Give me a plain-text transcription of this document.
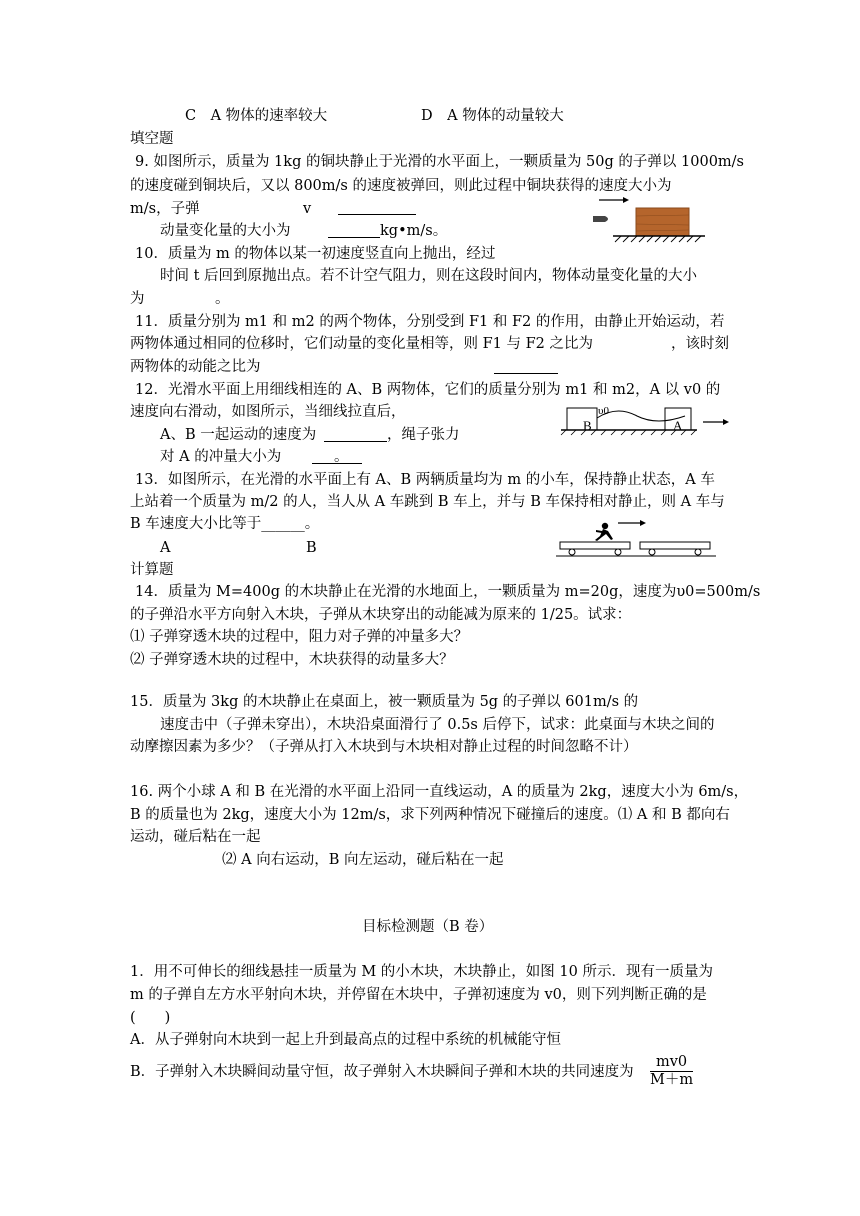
C　A 物体的速率较大	D　A 物体的动量较大
填空题
9. 如图所示，质量为 1kg 的铜块静止于光滑的水平面上，一颗质量为 50g 的子弹以 1000m/s
的速度碰到铜块后，又以 800m/s 的速度被弹回，则此过程中铜块获得的速度大小为
m/s，子弹	v
动量变化量的大小为	kg•m/s。
10．质量为 m 的物体以某一初速度竖直向上抛出，经过
时间 t 后回到原抛出点。若不计空气阻力，则在这段时间内，物体动量变化量的大小
为	。
11．质量分别为 m1 和 m2 的两个物体，分别受到 F1 和 F2 的作用，由静止开始运动，若
两物体通过相同的位移时，它们动量的变化量相等，则 F1 与 F2 之比为	，该时刻
两物体的动能之比为
12．光滑水平面上用细线相连的 A、B 两物体，它们的质量分别为 m1 和 m2，A 以 v0 的
速度向右滑动，如图所示，当细线拉直后，
A、B 一起运动的速度为	，绳子张力
对 A 的冲量大小为	。
B	A
υ0
13．如图所示，在光滑的水平面上有 A、B 两辆质量均为 m 的小车，保持静止状态，A 车
上站着一个质量为 m/2 的人，当人从 A 车跳到 B 车上，并与 B 车保持相对静止，则 A 车与
B 车速度大小比等于______。
A	B
计算题
14．质量为 M=400g 的木块静止在光滑的水地面上，一颗质量为 m=20g，速度为υ0=500m/s
的子弹沿水平方向射入木块，子弹从木块穿出的动能减为原来的 1/25。试求：
⑴ 子弹穿透木块的过程中，阻力对子弹的冲量多大？
⑵ 子弹穿透木块的过程中，木块获得的动量多大？
15．质量为 3kg 的木块静止在桌面上，被一颗质量为 5g 的子弹以 601m/s 的
速度击中（子弹未穿出），木块沿桌面滑行了 0.5s 后停下，试求：此桌面与木块之间的
动摩擦因素为多少？（子弹从打入木块到与木块相对静止过程的时间忽略不计）
16. 两个小球 A 和 B 在光滑的水平面上沿同一直线运动，A 的质量为 2kg，速度大小为 6m/s，
B 的质量也为 2kg，速度大小为 12m/s，求下列两种情况下碰撞后的速度。⑴ A 和 B 都向右
运动，碰后粘在一起
⑵ A 向右运动，B 向左运动，碰后粘在一起
目标检测题（B 卷）
1．用不可伸长的细线悬挂一质量为 M 的小木块，木块静止，如图 10 所示．现有一质量为
m 的子弹自左方水平射向木块，并停留在木块中，子弹初速度为 v0，则下列判断正确的是
(　　)
A．从子弹射向木块到一起上升到最高点的过程中系统的机械能守恒
B．子弹射入木块瞬间动量守恒，故子弹射入木块瞬间子弹和木块的共同速度为 $\frac{mv0}{M+m}$
